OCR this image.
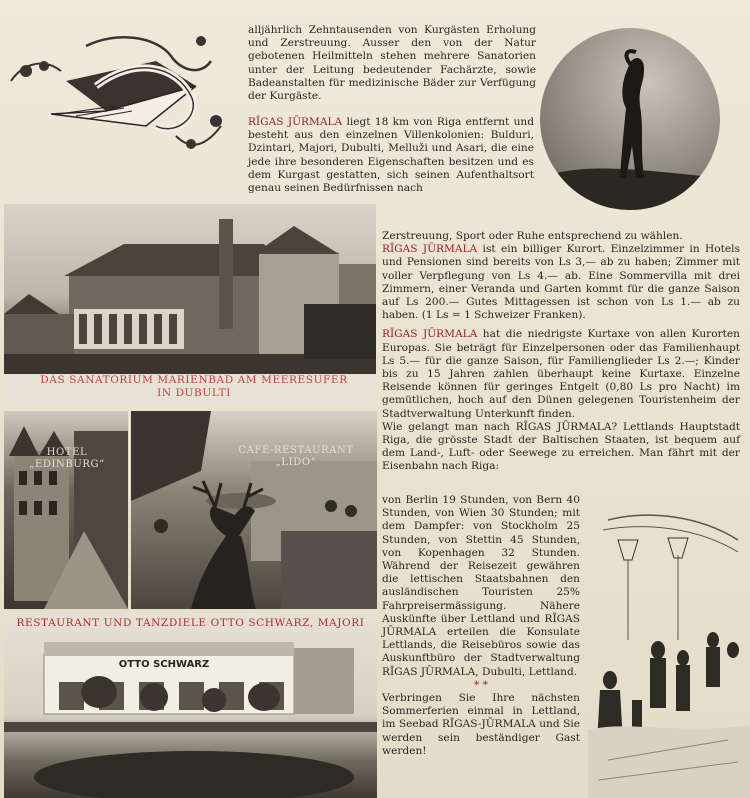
DAS SANATORIUM MARIENBAD AM MEERESUFER IN DUBULTI
HOTEL „EDINBURG“
CAFÉ-RESTAURANT „LIDO“
RESTAURANT UND TANZDIELE OTTO SCHWARZ, MAJORI
OTTO SCHWARZ

alljährlich Zehntausenden von Kurgästen Erholung und Zerstreuung. Ausser den von der Natur gebotenen Heilmitteln stehen mehrere Sanatorien unter der Leitung bedeutender Fachärzte, sowie Badeanstalten für medizinische Bäder zur Verfügung der Kurgäste.

RĪGAS JŪRMALA liegt 18 km von Riga entfernt und besteht aus den einzelnen Villenkolonien: Bulduri, Dzintari, Majori, Dubulti, Melluži und Asari, die eine jede ihre besonderen Eigenschaften besitzen und es dem Kurgast gestatten, sich seinen Aufenthaltsort genau seinen Bedürfnissen nach

Zerstreuung, Sport oder Ruhe entsprechend zu wählen.

RĪGAS JŪRMALA ist ein billiger Kurort. Einzelzimmer in Hotels und Pensionen sind bereits von Ls 3,— ab zu haben; Zimmer mit voller Verpflegung von Ls 4.— ab. Eine Sommervilla mit drei Zimmern, einer Veranda und Garten kommt für die ganze Saison auf Ls 200.— Gutes Mittagessen ist schon von Ls 1.— ab zu haben. (1 Ls = 1 Schweizer Franken).

RĪGAS JŪRMALA hat die niedrigste Kurtaxe von allen Kurorten Europas. Sie beträgt für Einzelpersonen oder das Familienhaupt Ls 5.— für die ganze Saison, für Familienglieder Ls 2.—; Kinder bis zu 15 Jahren zahlen überhaupt keine Kurtaxe. Einzelne Reisende können für geringes Entgelt (0,80 Ls pro Nacht) im gemütlichen, hoch auf den Dünen gelegenen Touristenheim der Stadtverwaltung Unterkunft finden.

Wie gelangt man nach RĪGAS JŪRMALA? Lettlands Hauptstadt Riga, die grösste Stadt der Baltischen Staaten, ist bequem auf dem Land-, Luft- oder Seewege zu erreichen. Man fährt mit der Eisenbahn nach Riga:

von Berlin 19 Stunden, von Bern 40 Stunden, von Wien 30 Stunden; mit dem Dampfer: von Stockholm 25 Stunden, von Stettin 45 Stunden, von Kopenhagen 32 Stunden. Während der Reisezeit gewähren die lettischen Staatsbahnen den ausländischen Touristen 25% Fahrpreisermässigung. Nähere Auskünfte über Lettland und RĪGAS JŪRMALA erteilen die Konsulate Lettlands, die Reisebüros sowie das Auskunftbüro der Stadtverwaltung RĪGAS JŪRMALA, Dubulti, Lettland.

* *

Verbringen Sie Ihre nächsten Sommerferien einmal in Lettland, im Seebad RĪGAS-JŪRMALA und Sie werden sein beständiger Gast werden!
